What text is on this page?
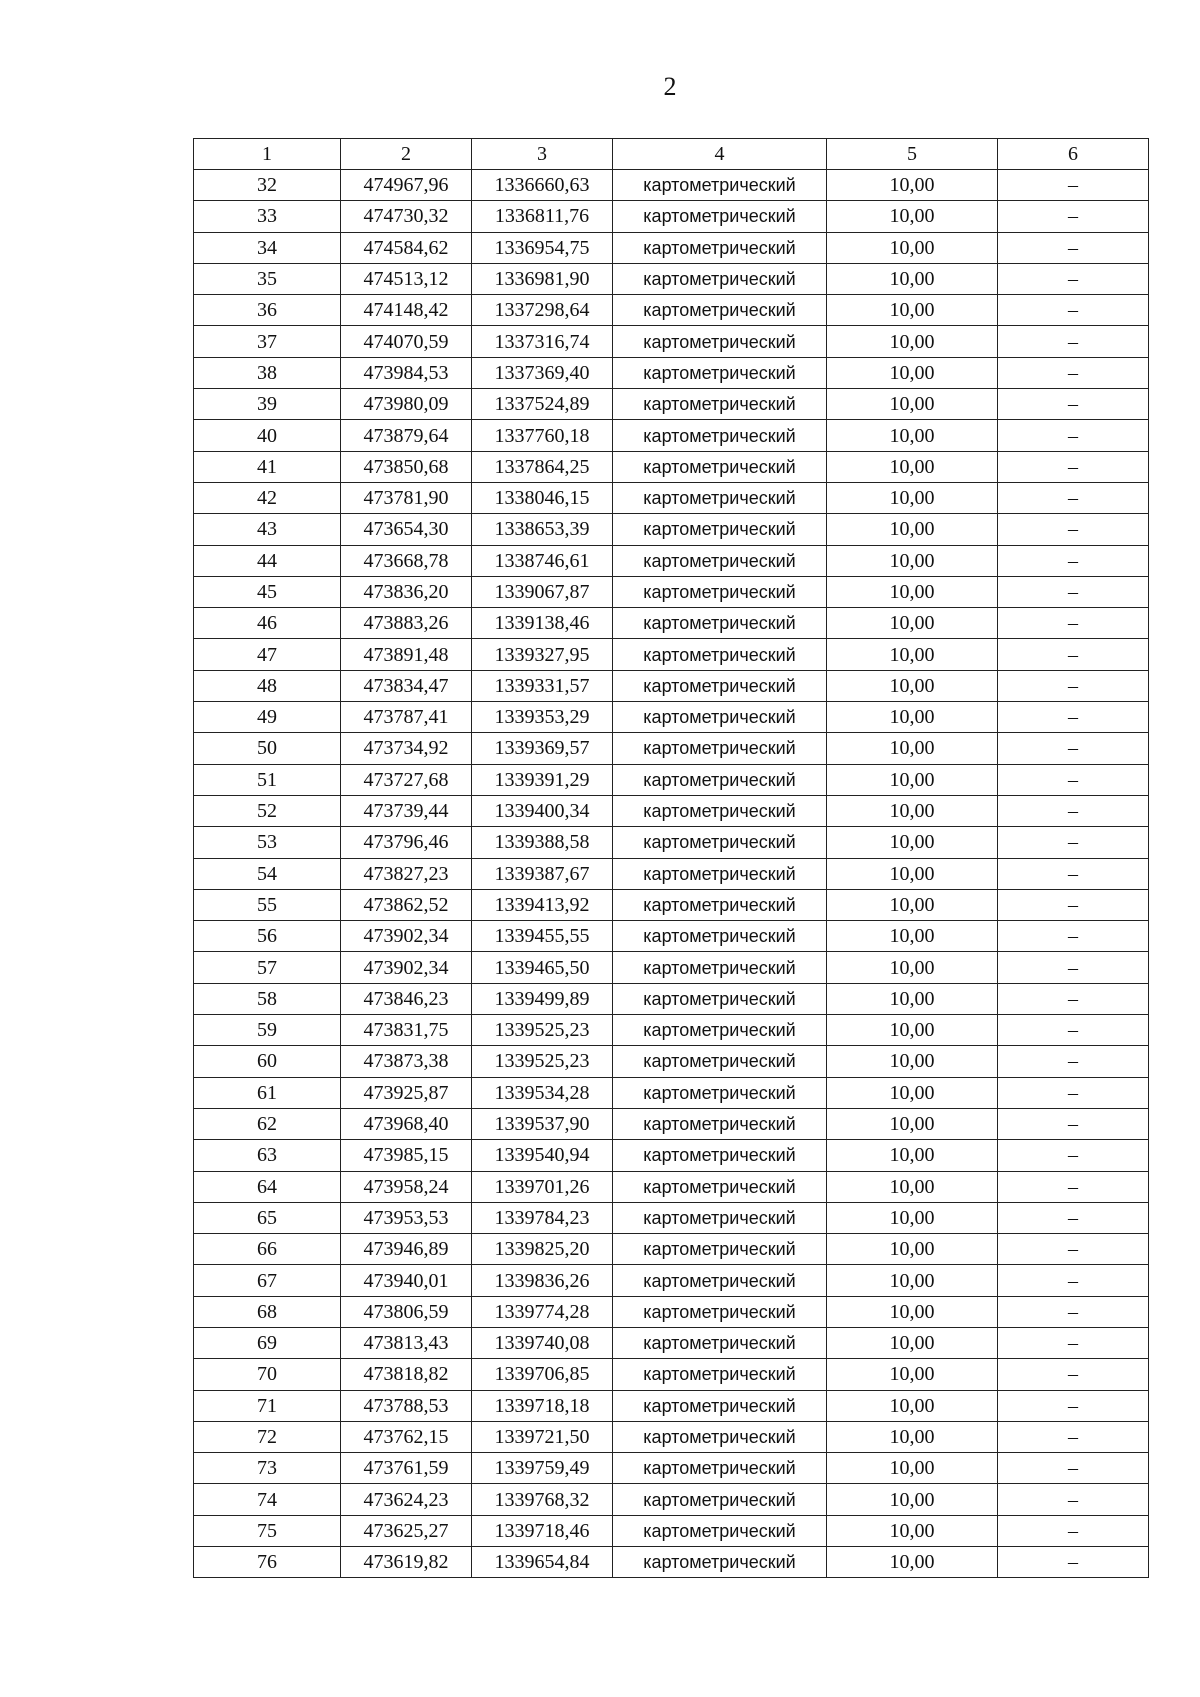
2
1	2	3	4	5	6
32	474967,96	1336660,63	картометрический	10,00	–
33	474730,32	1336811,76	картометрический	10,00	–
34	474584,62	1336954,75	картометрический	10,00	–
35	474513,12	1336981,90	картометрический	10,00	–
36	474148,42	1337298,64	картометрический	10,00	–
37	474070,59	1337316,74	картометрический	10,00	–
38	473984,53	1337369,40	картометрический	10,00	–
39	473980,09	1337524,89	картометрический	10,00	–
40	473879,64	1337760,18	картометрический	10,00	–
41	473850,68	1337864,25	картометрический	10,00	–
42	473781,90	1338046,15	картометрический	10,00	–
43	473654,30	1338653,39	картометрический	10,00	–
44	473668,78	1338746,61	картометрический	10,00	–
45	473836,20	1339067,87	картометрический	10,00	–
46	473883,26	1339138,46	картометрический	10,00	–
47	473891,48	1339327,95	картометрический	10,00	–
48	473834,47	1339331,57	картометрический	10,00	–
49	473787,41	1339353,29	картометрический	10,00	–
50	473734,92	1339369,57	картометрический	10,00	–
51	473727,68	1339391,29	картометрический	10,00	–
52	473739,44	1339400,34	картометрический	10,00	–
53	473796,46	1339388,58	картометрический	10,00	–
54	473827,23	1339387,67	картометрический	10,00	–
55	473862,52	1339413,92	картометрический	10,00	–
56	473902,34	1339455,55	картометрический	10,00	–
57	473902,34	1339465,50	картометрический	10,00	–
58	473846,23	1339499,89	картометрический	10,00	–
59	473831,75	1339525,23	картометрический	10,00	–
60	473873,38	1339525,23	картометрический	10,00	–
61	473925,87	1339534,28	картометрический	10,00	–
62	473968,40	1339537,90	картометрический	10,00	–
63	473985,15	1339540,94	картометрический	10,00	–
64	473958,24	1339701,26	картометрический	10,00	–
65	473953,53	1339784,23	картометрический	10,00	–
66	473946,89	1339825,20	картометрический	10,00	–
67	473940,01	1339836,26	картометрический	10,00	–
68	473806,59	1339774,28	картометрический	10,00	–
69	473813,43	1339740,08	картометрический	10,00	–
70	473818,82	1339706,85	картометрический	10,00	–
71	473788,53	1339718,18	картометрический	10,00	–
72	473762,15	1339721,50	картометрический	10,00	–
73	473761,59	1339759,49	картометрический	10,00	–
74	473624,23	1339768,32	картометрический	10,00	–
75	473625,27	1339718,46	картометрический	10,00	–
76	473619,82	1339654,84	картометрический	10,00	–
